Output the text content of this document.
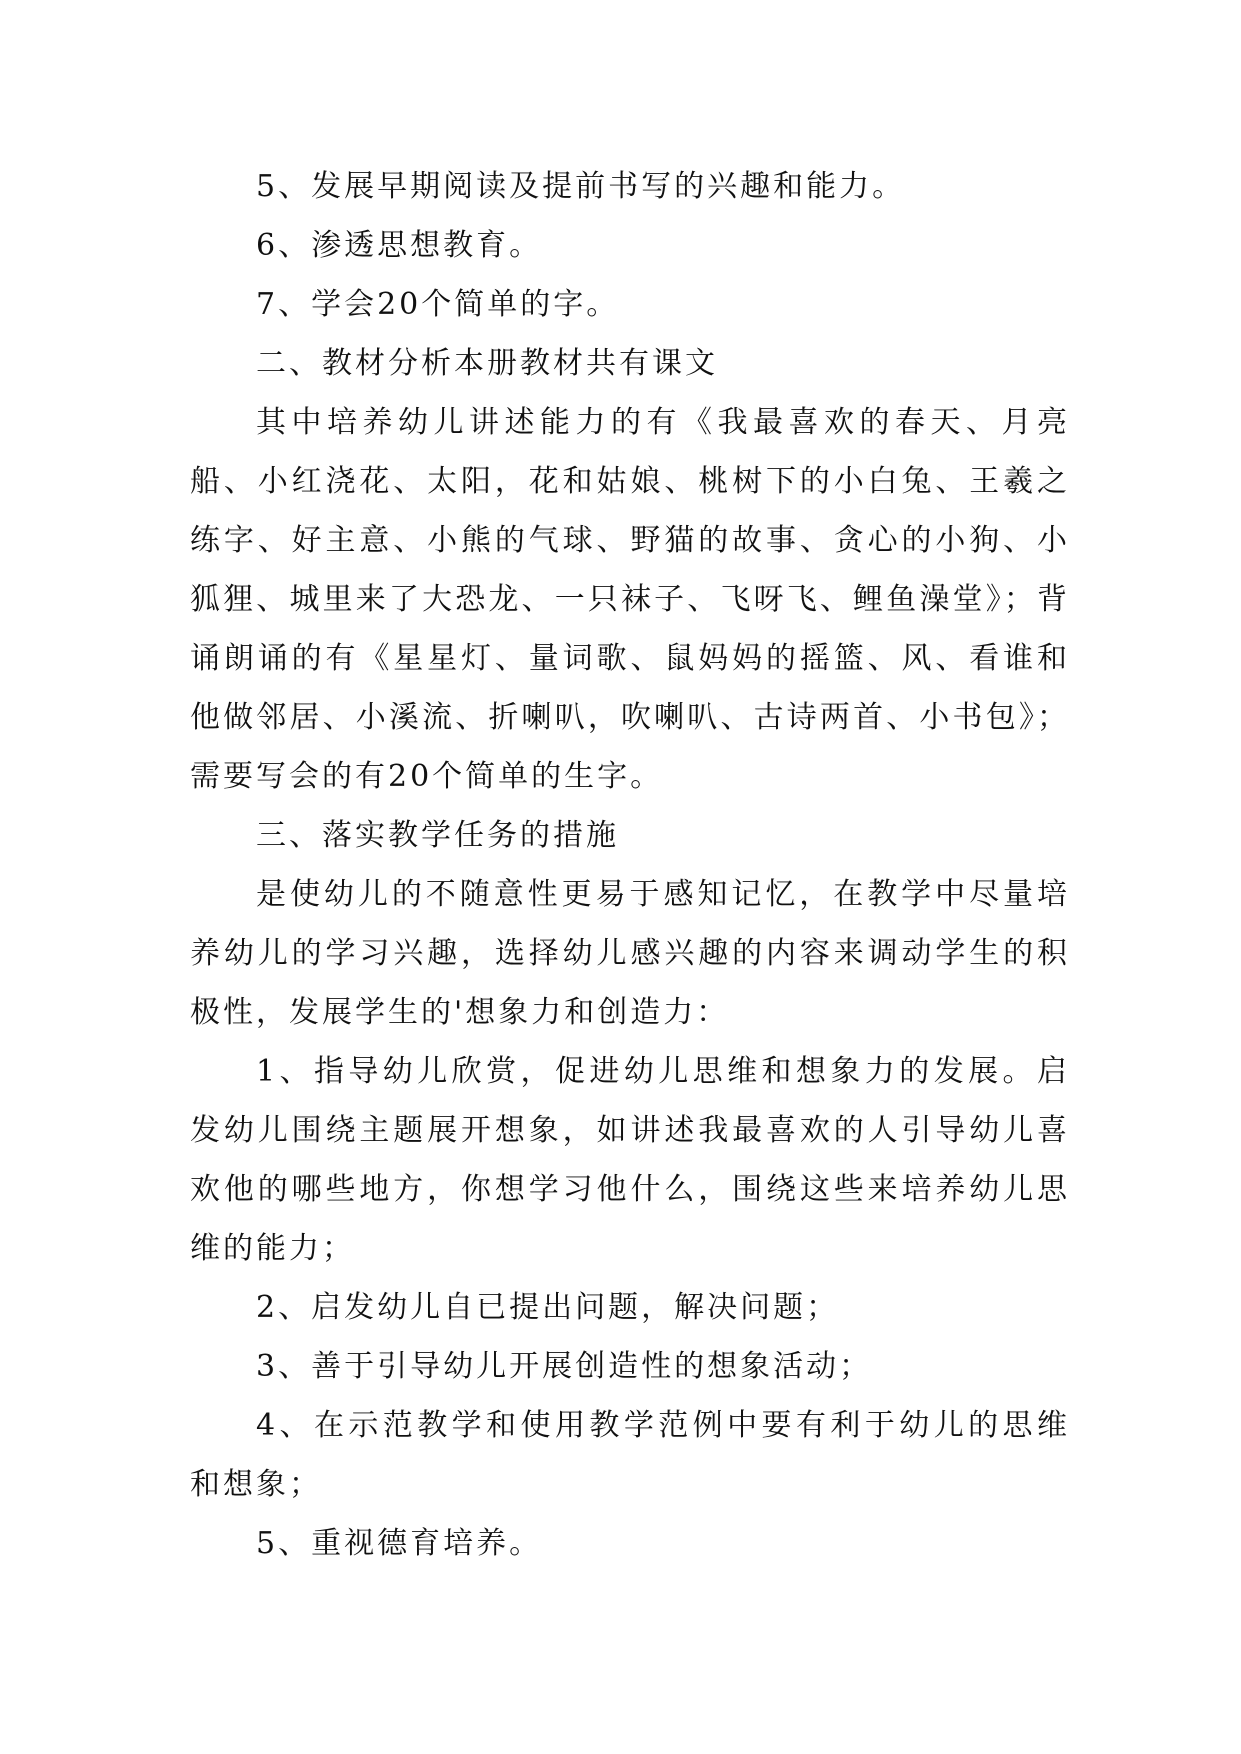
5、发展早期阅读及提前书写的兴趣和能力。

6、渗透思想教育。

7、学会20个简单的字。

二、教材分析本册教材共有课文

其中培养幼儿讲述能力的有《我最喜欢的春天、月亮船、小红浇花、太阳，花和姑娘、桃树下的小白兔、王羲之练字、好主意、小熊的气球、野猫的故事、贪心的小狗、小狐狸、城里来了大恐龙、一只袜子、飞呀飞、鲤鱼澡堂》；背诵朗诵的有《星星灯、量词歌、鼠妈妈的摇篮、风、看谁和他做邻居、小溪流、折喇叭，吹喇叭、古诗两首、小书包》；需要写会的有20个简单的生字。

三、落实教学任务的措施

是使幼儿的不随意性更易于感知记忆，在教学中尽量培养幼儿的学习兴趣，选择幼儿感兴趣的内容来调动学生的积极性，发展学生的'想象力和创造力：

1、指导幼儿欣赏，促进幼儿思维和想象力的发展。启发幼儿围绕主题展开想象，如讲述我最喜欢的人引导幼儿喜欢他的哪些地方，你想学习他什么，围绕这些来培养幼儿思维的能力；

2、启发幼儿自已提出问题，解决问题；

3、善于引导幼儿开展创造性的想象活动；

4、在示范教学和使用教学范例中要有利于幼儿的思维和想象；

5、重视德育培养。
